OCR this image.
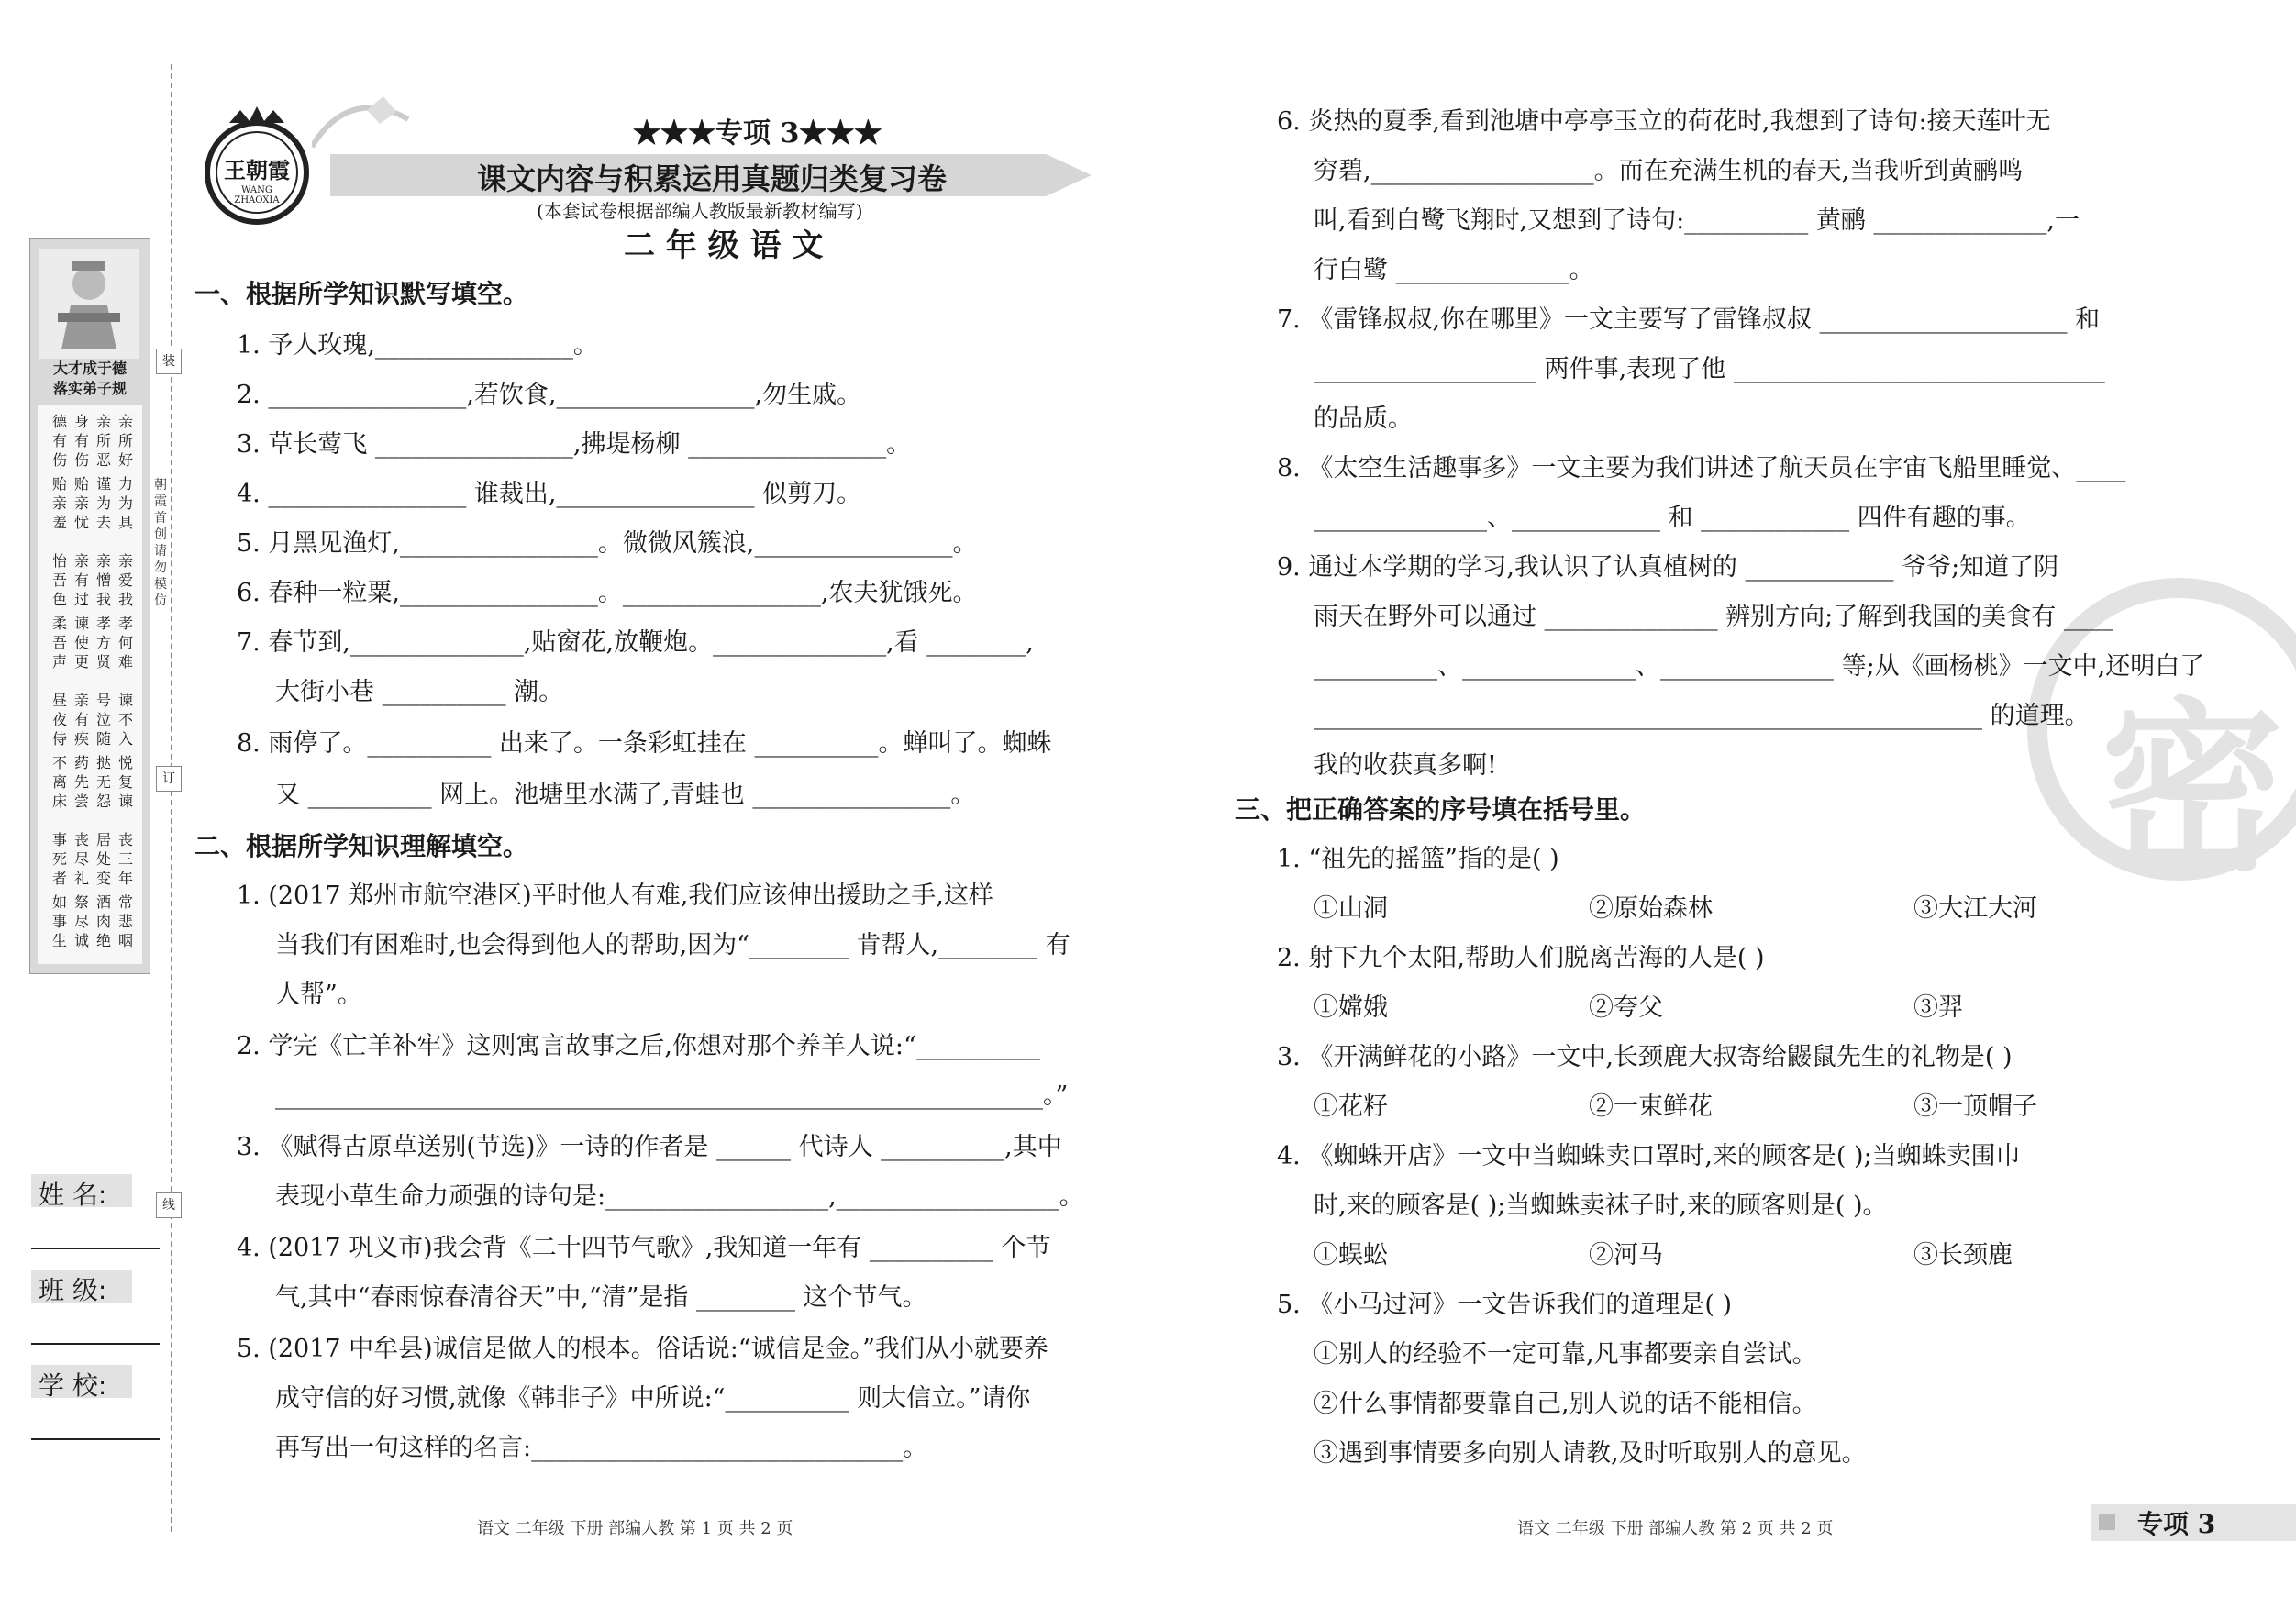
装
订
线
朝霞首创 请勿模仿
大才成于德
落实弟子规
亲所好
力为具
亲所恶
谨为去
身有伤
贻亲忧
德有伤
贻亲羞
亲爱我
孝何难
亲憎我
孝方贤
亲有过
谏使更
怡吾色
柔吾声
谏不入
悦复谏
号泣随
挞无怨
亲有疾
药先尝
昼夜侍
不离床
丧三年
常悲咽
居处变
酒肉绝
丧尽礼
祭尽诚
事死者
如事生
姓 名:
班 级:
学 校:
王朝霞
WANG ZHAOXIA
★★★专项 3★★★
课文内容与积累运用真题归类复习卷
(本套试卷根据部编人教版最新教材编写)
二 年 级 语 文
一、根据所学知识默写填空。
1. 予人玫瑰,________________。
2. ________________,若饮食,________________,勿生戚。
3. 草长莺飞 ________________,拂堤杨柳 ________________。
4. ________________ 谁裁出,________________ 似剪刀。
5. 月黑见渔灯,________________。微微风簇浪,________________。
6. 春种一粒粟,________________。________________,农夫犹饿死。
7. 春节到,______________,贴窗花,放鞭炮。______________,看 ________,
大街小巷 __________ 潮。
8. 雨停了。__________ 出来了。一条彩虹挂在 __________。蝉叫了。蜘蛛
又 __________ 网上。池塘里水满了,青蛙也 ________________。
二、根据所学知识理解填空。
1. (2017 郑州市航空港区)平时他人有难,我们应该伸出援助之手,这样
当我们有困难时,也会得到他人的帮助,因为“________ 肯帮人,________ 有
人帮”。
2. 学完《亡羊补牢》这则寓言故事之后,你想对那个养羊人说:“__________
______________________________________________________________。”
3. 《赋得古原草送别(节选)》一诗的作者是 ______ 代诗人 __________,其中
表现小草生命力顽强的诗句是:__________________,__________________。
4. (2017 巩义市)我会背《二十四节气歌》,我知道一年有 __________ 个节
气,其中“春雨惊春清谷天”中,“清”是指 ________ 这个节气。
5. (2017 中牟县)诚信是做人的根本。俗话说:“诚信是金。”我们从小就要养
成守信的好习惯,就像《韩非子》中所说:“__________ 则大信立。”请你
再写出一句这样的名言:______________________________。
语文 二年级 下册 部编人教 第 1 页 共 2 页
密
6. 炎热的夏季,看到池塘中亭亭玉立的荷花时,我想到了诗句:接天莲叶无
穷碧,__________________。而在充满生机的春天,当我听到黄鹂鸣
叫,看到白鹭飞翔时,又想到了诗句:__________ 黄鹂 ______________,一
行白鹭 ______________。
7. 《雷锋叔叔,你在哪里》一文主要写了雷锋叔叔 ____________________ 和
__________________ 两件事,表现了他 ______________________________
的品质。
8. 《太空生活趣事多》一文主要为我们讲述了航天员在宇宙飞船里睡觉、____
______________、____________ 和 ____________ 四件有趣的事。
9. 通过本学期的学习,我认识了认真植树的 ____________ 爷爷;知道了阴
雨天在野外可以通过 ______________ 辨别方向;了解到我国的美食有 ____
__________、______________、______________ 等;从《画杨桃》一文中,还明白了
______________________________________________________ 的道理。
我的收获真多啊!
三、把正确答案的序号填在括号里。
1. “祖先的摇篮”指的是( )
①山洞	②原始森林	③大江大河
2. 射下九个太阳,帮助人们脱离苦海的人是( )
①嫦娥	②夸父	③羿
3. 《开满鲜花的小路》一文中,长颈鹿大叔寄给鼹鼠先生的礼物是( )
①花籽	②一束鲜花	③一顶帽子
4. 《蜘蛛开店》一文中当蜘蛛卖口罩时,来的顾客是( );当蜘蛛卖围巾
时,来的顾客是( );当蜘蛛卖袜子时,来的顾客则是( )。
①蜈蚣	②河马	③长颈鹿
5. 《小马过河》一文告诉我们的道理是( )
①别人的经验不一定可靠,凡事都要亲自尝试。
②什么事情都要靠自己,别人说的话不能相信。
③遇到事情要多向别人请教,及时听取别人的意见。
语文 二年级 下册 部编人教 第 2 页 共 2 页	专项 3
